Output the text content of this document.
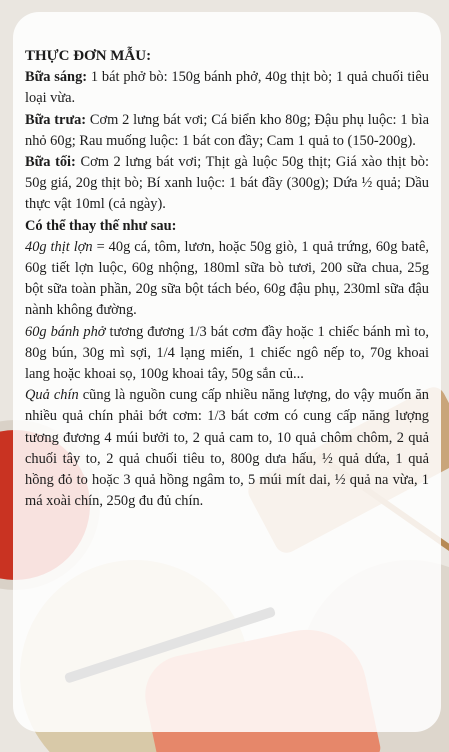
THỰC ĐƠN MẪU:

Bữa sáng: 1 bát phở bò: 150g bánh phở, 40g thịt bò; 1 quả chuối tiêu loại vừa.

Bữa trưa: Cơm 2 lưng bát vơi; Cá biển kho 80g; Đậu phụ luộc: 1 bìa nhỏ 60g; Rau muống luộc: 1 bát con đầy; Cam 1 quả to (150-200g).

Bữa tối: Cơm 2 lưng bát vơi; Thịt gà luộc 50g thịt; Giá xào thịt bò: 50g giá, 20g thịt bò; Bí xanh luộc: 1 bát đầy (300g); Dứa ½ quả; Dầu thực vật 10ml (cả ngày).

Có thể thay thế như sau:

40g thịt lợn = 40g cá, tôm, lươn, hoặc 50g giò, 1 quả trứng, 60g batê, 60g tiết lợn luộc, 60g nhộng, 180ml sữa bò tươi, 200 sữa chua, 25g bột sữa toàn phần, 20g sữa bột tách béo, 60g đậu phụ, 230ml sữa đậu nành không đường.

60g bánh phở tương đương 1/3 bát cơm đầy hoặc 1 chiếc bánh mì to, 80g bún, 30g mì sợi, 1/4 lạng miến, 1 chiếc ngô nếp to, 70g khoai lang hoặc khoai sọ, 100g khoai tây, 50g sắn củ...

Quả chín cũng là nguồn cung cấp nhiều năng lượng, do vậy muốn ăn nhiều quả chín phải bớt cơm: 1/3 bát cơm có cung cấp năng lượng tương đương 4 múi bưởi to, 2 quả cam to, 10 quả chôm chôm, 2 quả chuối tây to, 2 quả chuối tiêu to, 800g dưa hấu, ½ quả dứa, 1 quả hồng đỏ to hoặc 3 quả hồng ngâm to, 5 múi mít dai, ½ quả na vừa, 1 má xoài chín, 250g đu đủ chín.
